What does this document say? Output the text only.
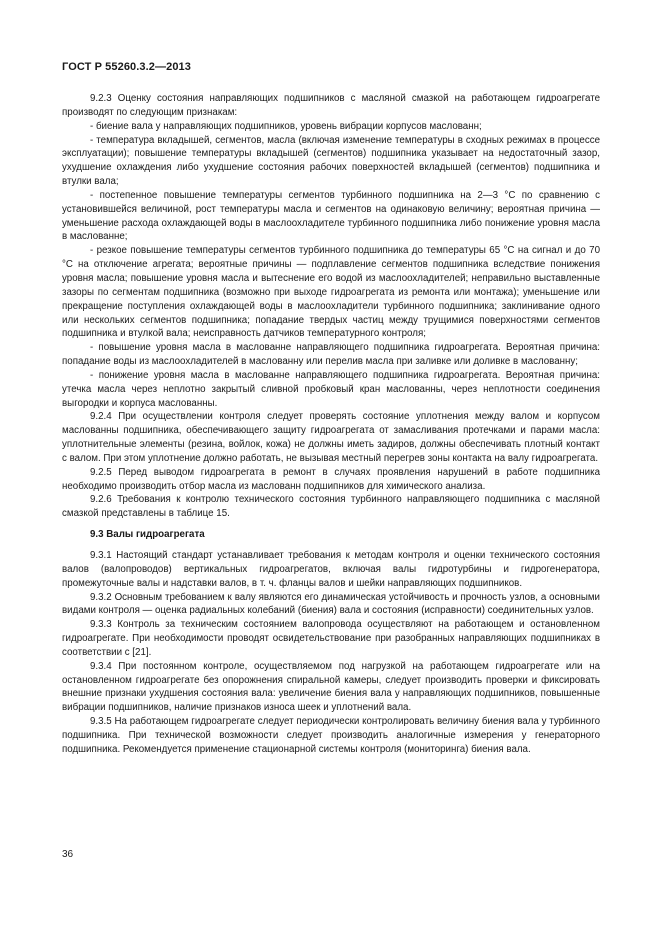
ГОСТ Р 55260.3.2—2013

9.2.3 Оценку состояния направляющих подшипников с масляной смазкой на работающем гидроагрегате производят по следующим признакам:

- биение вала у направляющих подшипников, уровень вибрации корпусов маслованн;

- температура вкладышей, сегментов, масла (включая изменение температуры в сходных режимах в процессе эксплуатации); повышение температуры вкладышей (сегментов) подшипника указывает на недостаточный зазор, ухудшение охлаждения либо ухудшение состояния рабочих поверхностей вкладышей (сегментов) подшипника и втулки вала;

- постепенное повышение температуры сегментов турбинного подшипника на 2—3 °С по сравнению с установившейся величиной, рост температуры масла и сегментов на одинаковую величину; вероятная причина — уменьшение расхода охлаждающей воды в маслоохладителе турбинного подшипника либо понижение уровня масла в маслованне;

- резкое повышение температуры сегментов турбинного подшипника до температуры 65 °С на сигнал и до 70 °С на отключение агрегата; вероятные причины — подплавление сегментов подшипника вследствие понижения уровня масла; повышение уровня масла и вытеснение его водой из маслоохладителей; неправильно выставленные зазоры по сегментам подшипника (возможно при выходе гидроагрегата из ремонта или монтажа); уменьшение или прекращение поступления охлаждающей воды в маслоохладители турбинного подшипника; заклинивание одного или нескольких сегментов подшипника; попадание твердых частиц между трущимися поверхностями сегментов подшипника и втулкой вала; неисправность датчиков температурного контроля;

- повышение уровня масла в маслованне направляющего подшипника гидроагрегата. Вероятная причина: попадание воды из маслоохладителей в маслованну или перелив масла при заливке или доливке в маслованну;

- понижение уровня масла в маслованне направляющего подшипника гидроагрегата. Вероятная причина: утечка масла через неплотно закрытый сливной пробковый кран маслованны, через неплотности соединения выгородки и корпуса маслованны.

9.2.4 При осуществлении контроля следует проверять состояние уплотнения между валом и корпусом маслованны подшипника, обеспечивающего защиту гидроагрегата от замасливания протечками и парами масла: уплотнительные элементы (резина, войлок, кожа) не должны иметь задиров, должны обеспечивать плотный контакт с валом. При этом уплотнение должно работать, не вызывая местный перегрев зоны контакта на валу гидроагрегата.

9.2.5 Перед выводом гидроагрегата в ремонт в случаях проявления нарушений в работе подшипника необходимо производить отбор масла из маслованн подшипников для химического анализа.

9.2.6 Требования к контролю технического состояния турбинного направляющего подшипника с масляной смазкой представлены в таблице 15.

9.3 Валы гидроагрегата

9.3.1 Настоящий стандарт устанавливает требования к методам контроля и оценки технического состояния валов (валопроводов) вертикальных гидроагрегатов, включая валы гидротурбины и гидрогенератора, промежуточные валы и надставки валов, в т. ч. фланцы валов и шейки направляющих подшипников.

9.3.2 Основным требованием к валу являются его динамическая устойчивость и прочность узлов, а основными видами контроля — оценка радиальных колебаний (биения) вала и состояния (исправности) соединительных узлов.

9.3.3 Контроль за техническим состоянием валопровода осуществляют на работающем и остановленном гидроагрегате. При необходимости проводят освидетельствование при разобранных направляющих подшипниках в соответствии с [21].

9.3.4 При постоянном контроле, осуществляемом под нагрузкой на работающем гидроагрегате или на остановленном гидроагрегате без опорожнения спиральной камеры, следует производить проверки и фиксировать внешние признаки ухудшения состояния вала: увеличение биения вала у направляющих подшипников, повышенные вибрации подшипников, наличие признаков износа шеек и уплотнений вала.

9.3.5 На работающем гидроагрегате следует периодически контролировать величину биения вала у турбинного подшипника. При технической возможности следует производить аналогичные измерения у генераторного подшипника. Рекомендуется применение стационарной системы контроля (мониторинга) биения вала.

36
